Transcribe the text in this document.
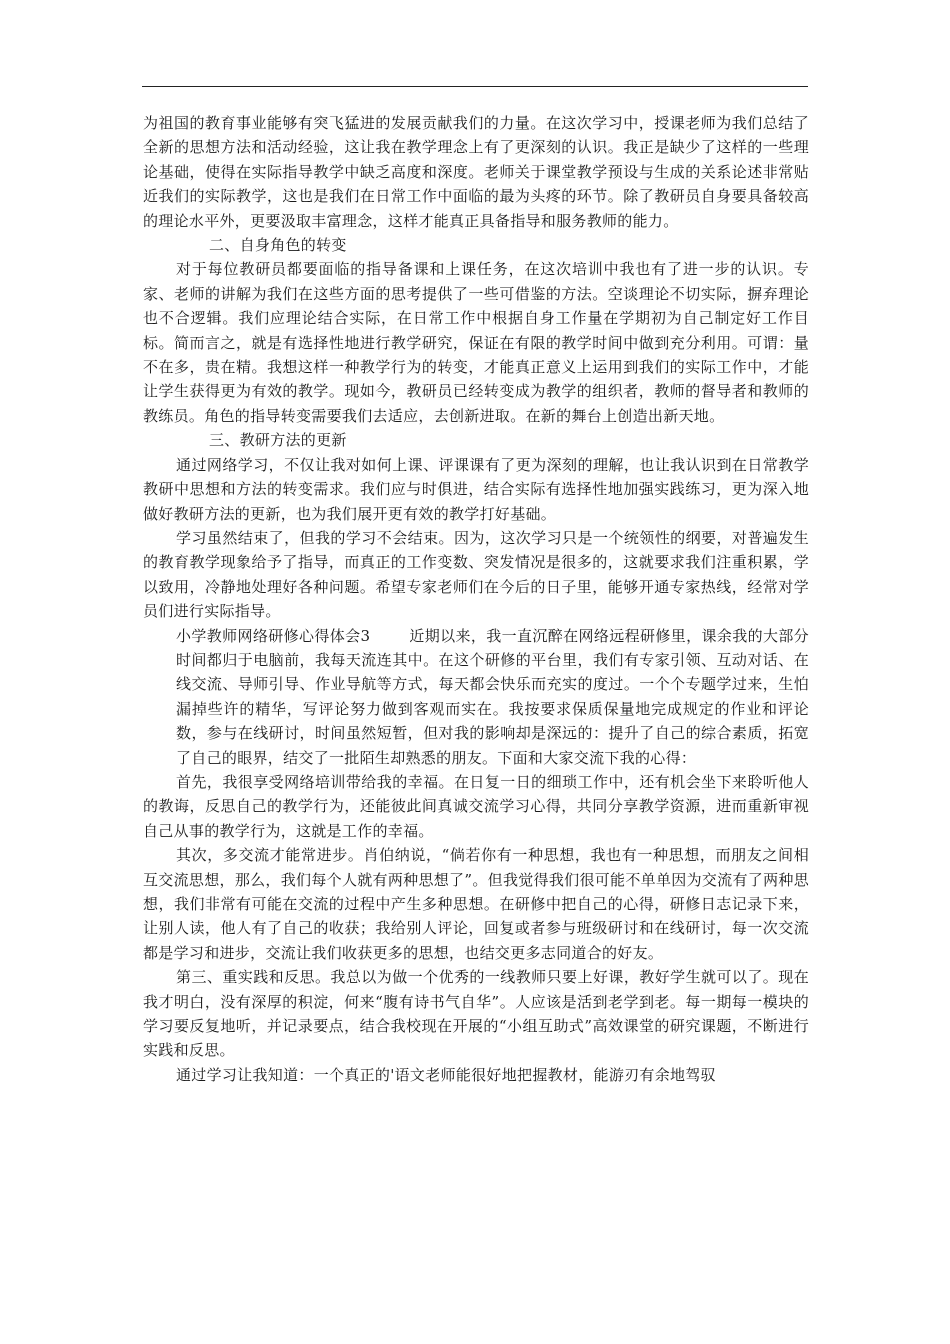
为祖国的教育事业能够有突飞猛进的发展贡献我们的力量。在这次学习中，授课老师为我们总结了全新的思想方法和活动经验，这让我在教学理念上有了更深刻的认识。我正是缺少了这样的一些理论基础，使得在实际指导教学中缺乏高度和深度。老师关于课堂教学预设与生成的关系论述非常贴近我们的实际教学，这也是我们在日常工作中面临的最为头疼的环节。除了教研员自身要具备较高的理论水平外，更要汲取丰富理念，这样才能真正具备指导和服务教师的能力。

二、自身角色的转变

对于每位教研员都要面临的指导备课和上课任务，在这次培训中我也有了进一步的认识。专家、老师的讲解为我们在这些方面的思考提供了一些可借鉴的方法。空谈理论不切实际，摒弃理论也不合逻辑。我们应理论结合实际，在日常工作中根据自身工作量在学期初为自己制定好工作目标。简而言之，就是有选择性地进行教学研究，保证在有限的教学时间中做到充分利用。可谓：量不在多，贵在精。我想这样一种教学行为的转变，才能真正意义上运用到我们的实际工作中，才能让学生获得更为有效的教学。现如今，教研员已经转变成为教学的组织者，教师的督导者和教师的教练员。角色的指导转变需要我们去适应，去创新进取。在新的舞台上创造出新天地。

三、教研方法的更新

通过网络学习，不仅让我对如何上课、评课课有了更为深刻的理解，也让我认识到在日常教学教研中思想和方法的转变需求。我们应与时俱进，结合实际有选择性地加强实践练习，更为深入地做好教研方法的更新，也为我们展开更有效的教学打好基础。

学习虽然结束了，但我的学习不会结束。因为，这次学习只是一个统领性的纲要，对普遍发生的教育教学现象给予了指导，而真正的工作变数、突发情况是很多的，这就要求我们注重积累，学以致用，冷静地处理好各种问题。希望专家老师们在今后的日子里，能够开通专家热线，经常对学员们进行实际指导。

小学教师网络研修心得体会3	近期以来，我一直沉醉在网络远程研修里，课余我的大部分时间都归于电脑前，我每天流连其中。在这个研修的平台里，我们有专家引领、互动对话、在线交流、导师引导、作业导航等方式，每天都会快乐而充实的度过。一个个专题学过来，生怕漏掉些许的精华，写评论努力做到客观而实在。我按要求保质保量地完成规定的作业和评论数，参与在线研讨，时间虽然短暂，但对我的影响却是深远的：提升了自己的综合素质，拓宽了自己的眼界，结交了一批陌生却熟悉的朋友。下面和大家交流下我的心得：

首先，我很享受网络培训带给我的幸福。在日复一日的细琐工作中，还有机会坐下来聆听他人的教诲，反思自己的教学行为，还能彼此间真诚交流学习心得，共同分享教学资源，进而重新审视自己从事的教学行为，这就是工作的幸福。

其次，多交流才能常进步。肖伯纳说，“倘若你有一种思想，我也有一种思想，而朋友之间相互交流思想，那么，我们每个人就有两种思想了”。但我觉得我们很可能不单单因为交流有了两种思想，我们非常有可能在交流的过程中产生多种思想。在研修中把自己的心得，研修日志记录下来，让别人读，他人有了自己的收获；我给别人评论，回复或者参与班级研讨和在线研讨，每一次交流都是学习和进步，交流让我们收获更多的思想，也结交更多志同道合的好友。

第三、重实践和反思。我总以为做一个优秀的一线教师只要上好课，教好学生就可以了。现在我才明白，没有深厚的积淀，何来“腹有诗书气自华”。人应该是活到老学到老。每一期每一模块的学习要反复地听，并记录要点，结合我校现在开展的“小组互助式”高效课堂的研究课题，不断进行实践和反思。

通过学习让我知道：一个真正的'语文老师能很好地把握教材，能游刃有余地驾驭
